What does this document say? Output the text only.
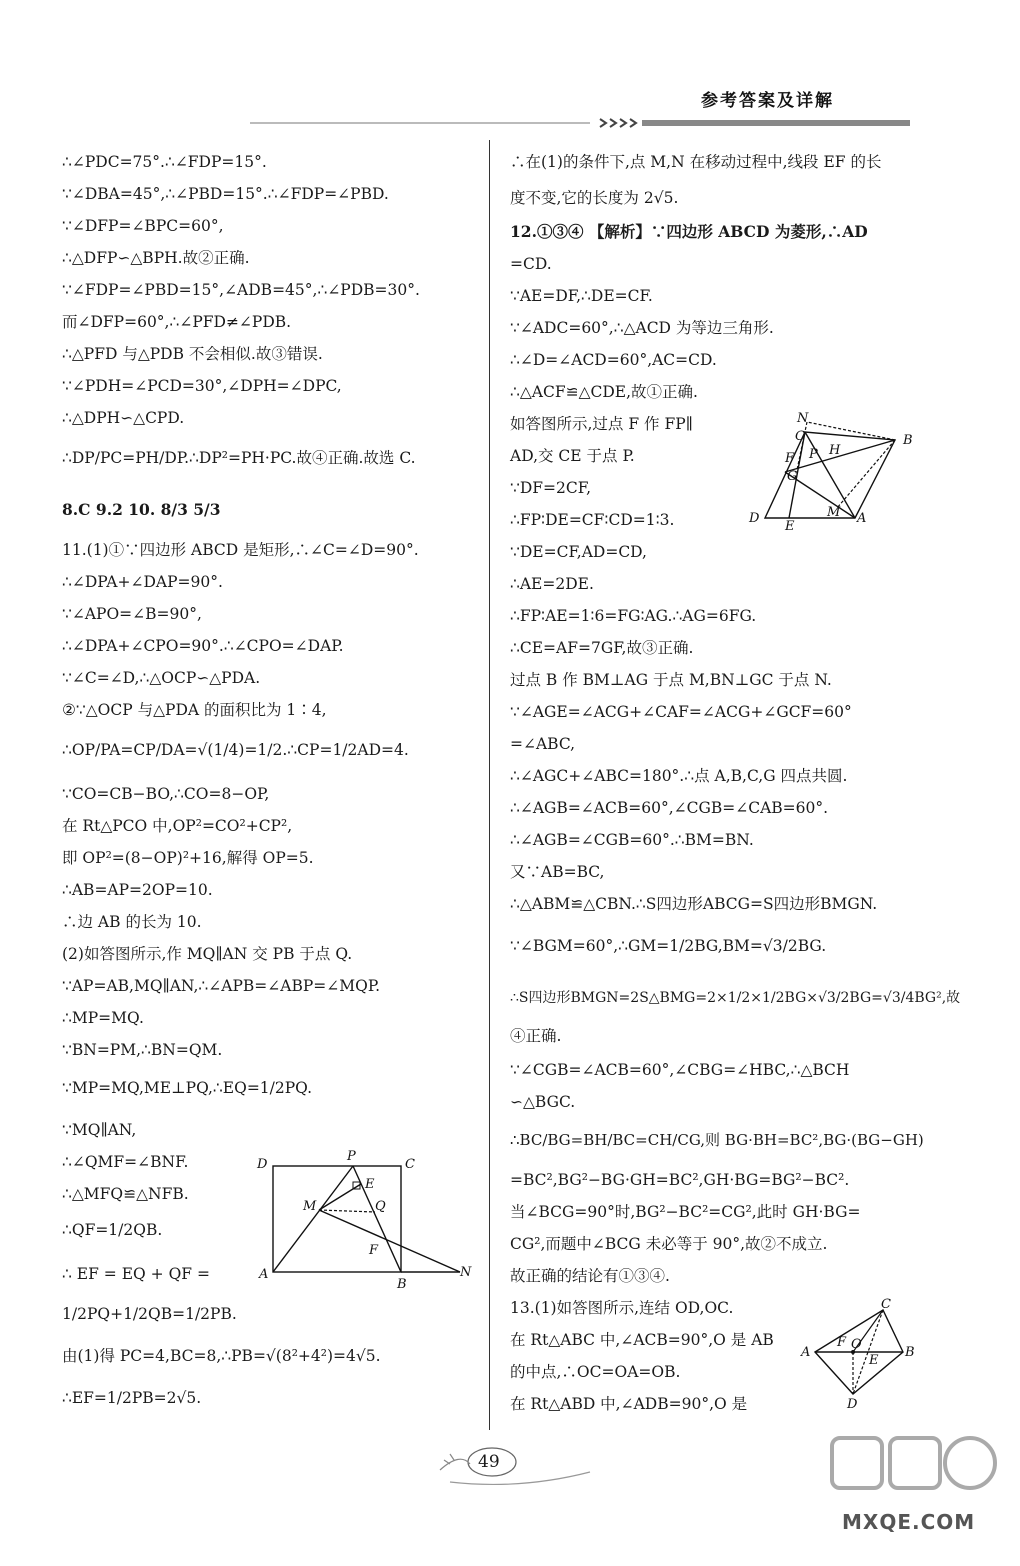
参考答案及详解
∴∠PDC=75°.∴∠FDP=15°.
∵∠DBA=45°,∴∠PBD=15°.∴∠FDP=∠PBD.
∵∠DFP=∠BPC=60°,
∴△DFP∽△BPH.故②正确.
∵∠FDP=∠PBD=15°,∠ADB=45°,∴∠PDB=30°.
而∠DFP=60°,∴∠PFD≠∠PDB.
∴△PFD 与△PDB 不会相似.故③错误.
∵∠PDH=∠PCD=30°,∠DPH=∠DPC,
∴△DPH∽△CPD.
∴DP/PC=PH/DP.∴DP²=PH·PC.故④正确.故选 C.
8.C 9.2 10. 8/3 5/3
11.(1)①∵四边形 ABCD 是矩形,∴∠C=∠D=90°.
∴∠DPA+∠DAP=90°.
∵∠APO=∠B=90°,
∴∠DPA+∠CPO=90°.∴∠CPO=∠DAP.
∵∠C=∠D,∴△OCP∽△PDA.
②∵△OCP 与△PDA 的面积比为 1∶4,
∴OP/PA=CP/DA=√(1/4)=1/2.∴CP=1/2AD=4.
∵CO=CB−BO,∴CO=8−OP,
在 Rt△PCO 中,OP²=CO²+CP²,
即 OP²=(8−OP)²+16,解得 OP=5.
∴AB=AP=2OP=10.
∴边 AB 的长为 10.
(2)如答图所示,作 MQ∥AN 交 PB 于点 Q.
∵AP=AB,MQ∥AN,∴∠APB=∠ABP=∠MQP.
∴MP=MQ.
∵BN=PM,∴BN=QM.
∵MP=MQ,ME⊥PQ,∴EQ=1/2PQ.
∵MQ∥AN,
∴∠QMF=∠BNF.
∴△MFQ≌△NFB.
∴QF=1/2QB.
∴ EF = EQ + QF =
1/2PQ+1/2QB=1/2PB.
由(1)得 PC=4,BC=8,∴PB=√(8²+4²)=4√5.
∴EF=1/2PB=2√5.
D
P
C
E
M	Q
F
A
B
N
∴在(1)的条件下,点 M,N 在移动过程中,线段 EF 的长
度不变,它的长度为 2√5.
12.①③④ 【解析】∵四边形 ABCD 为菱形,∴AD
=CD.
∵AE=DF,∴DE=CF.
∵∠ADC=60°,∴△ACD 为等边三角形.
∴∠D=∠ACD=60°,AC=CD.
∴△ACF≌△CDE,故①正确.
如答图所示,过点 F 作 FP∥
AD,交 CE 于点 P.
∵DF=2CF,
∴FP∶DE=CF∶CD=1∶3.
∵DE=CF,AD=CD,
∴AE=2DE.
∴FP∶AE=1∶6=FG∶AG.∴AG=6FG.
∴CE=AF=7GF,故③正确.
过点 B 作 BM⊥AG 于点 M,BN⊥GC 于点 N.
∵∠AGE=∠ACG+∠CAF=∠ACG+∠GCF=60°
=∠ABC,
∴∠AGC+∠ABC=180°.∴点 A,B,C,G 四点共圆.
∴∠AGB=∠ACB=60°,∠CGB=∠CAB=60°.
∴∠AGB=∠CGB=60°.∴BM=BN.
又∵AB=BC,
∴△ABM≌△CBN.∴S四边形ABCG=S四边形BMGN.
∵∠BGM=60°,∴GM=1/2BG,BM=√3/2BG.
∴S四边形BMGN=2S△BMG=2×1/2×1/2BG×√3/2BG=√3/4BG²,故
④正确.
∵∠CGB=∠ACB=60°,∠CBG=∠HBC,∴△BCH
∽△BGC.
∴BC/BG=BH/BC=CH/CG,则 BG·BH=BC²,BG·(BG−GH)
=BC²,BG²−BG·GH=BC²,GH·BG=BG²−BC².
当∠BCG=90°时,BG²−BC²=CG²,此时 GH·BG=
CG²,而题中∠BCG 未必等于 90°,故②不成立.
故正确的结论有①③④.
13.(1)如答图所示,连结 OD,OC.
在 Rt△ABC 中,∠ACB=90°,O 是 AB
的中点,∴OC=OA=OB.
在 Rt△ABD 中,∠ADB=90°,O 是
N
C	B
F P H
G
D
E
M A
C
A
F O
E
B
D
49
MXQE.COM
